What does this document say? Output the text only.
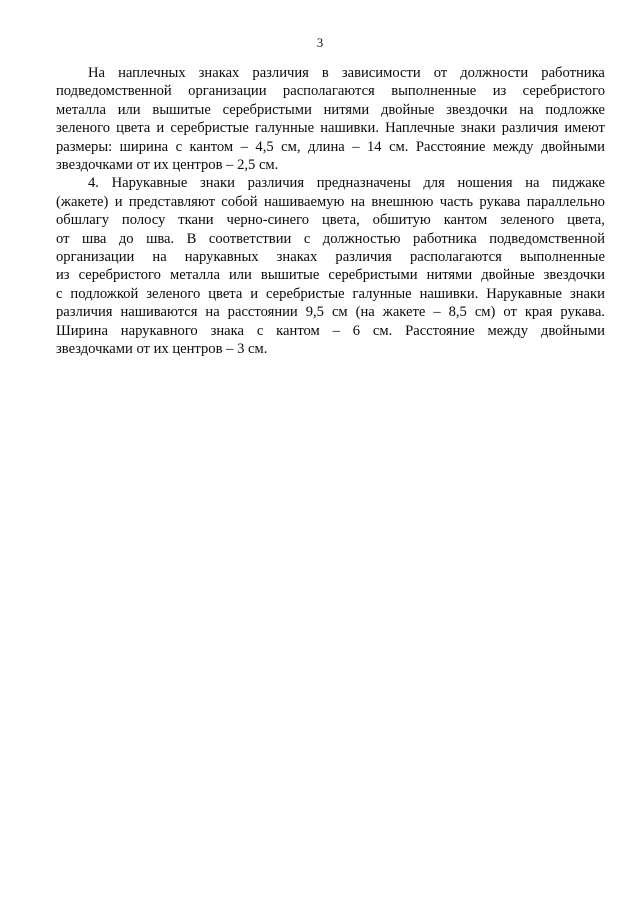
3
На наплечных знаках различия в зависимости от должности работника
подведомственной организации располагаются выполненные из серебристого
металла или вышитые серебристыми нитями двойные звездочки на подложке
зеленого цвета и серебристые галунные нашивки. Наплечные знаки различия имеют
размеры: ширина с кантом – 4,5 см, длина – 14 см. Расстояние между двойными
звездочками от их центров – 2,5 см.
4. Нарукавные знаки различия предназначены для ношения на пиджаке
(жакете) и представляют собой нашиваемую на внешнюю часть рукава параллельно
обшлагу полосу ткани черно-синего цвета, обшитую кантом зеленого цвета,
от шва до шва. В соответствии с должностью работника подведомственной
организации на нарукавных знаках различия располагаются выполненные
из серебристого металла или вышитые серебристыми нитями двойные звездочки
с подложкой зеленого цвета и серебристые галунные нашивки. Нарукавные знаки
различия нашиваются на расстоянии 9,5 см (на жакете – 8,5 см) от края рукава.
Ширина нарукавного знака с кантом – 6 см. Расстояние между двойными
звездочками от их центров – 3 см.
